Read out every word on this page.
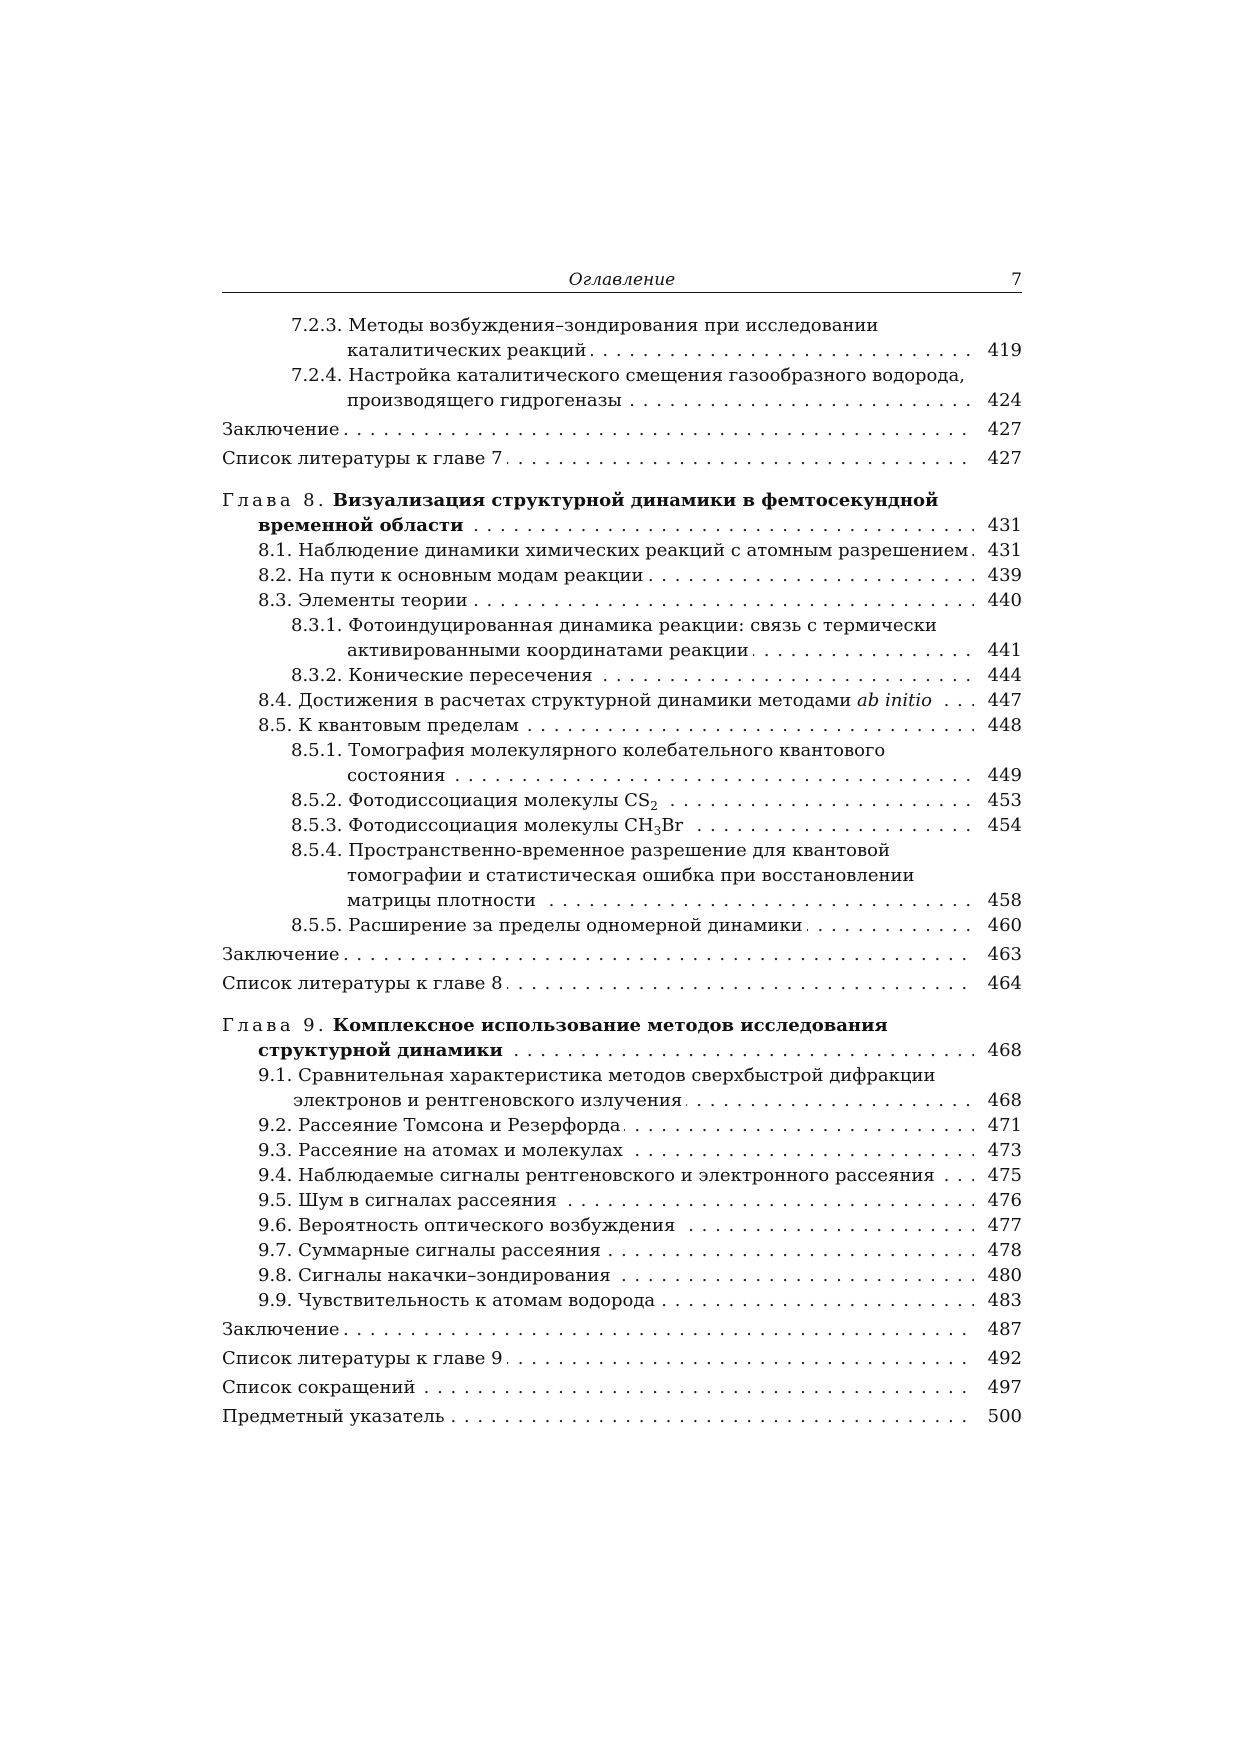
Оглавление	7
7.2.3. Методы возбуждения–зондирования при исследовании каталитических реакций . . .	419
7.2.4. Настройка каталитического смещения газообразного водорода, производящего гидрогеназы . . .	424
Заключение . . .	427
Список литературы к главе 7 . . .	427
Глава 8. Визуализация структурной динамики в фемтосекундной временной области . . .	431
8.1. Наблюдение динамики химических реакций с атомным разрешением . . .	431
8.2. На пути к основным модам реакции . . .	439
8.3. Элементы теории . . .	440
8.3.1. Фотоиндуцированная динамика реакции: связь с термически активированными координатами реакции . . .	441
8.3.2. Конические пересечения . . .	444
8.4. Достижения в расчетах структурной динамики методами ab initio . . .	447
8.5. К квантовым пределам . . .	448
8.5.1. Томография молекулярного колебательного квантового состояния . . .	449
8.5.2. Фотодиссоциация молекулы $CS_2$ . . .	453
8.5.3. Фотодиссоциация молекулы $CH_3Br$ . . .	454
8.5.4. Пространственно-временное разрешение для квантовой томографии и статистическая ошибка при восстановлении матрицы плотности . . .	458
8.5.5. Расширение за пределы одномерной динамики . . .	460
Заключение . . .	463
Список литературы к главе 8 . . .	464
Глава 9. Комплексное использование методов исследования структурной динамики . . .	468
9.1. Сравнительная характеристика методов сверхбыстрой дифракции электронов и рентгеновского излучения . . .	468
9.2. Рассеяние Томсона и Резерфорда . . .	471
9.3. Рассеяние на атомах и молекулах . . .	473
9.4. Наблюдаемые сигналы рентгеновского и электронного рассеяния . . .	475
9.5. Шум в сигналах рассеяния . . .	476
9.6. Вероятность оптического возбуждения . . .	477
9.7. Суммарные сигналы рассеяния . . .	478
9.8. Сигналы накачки–зондирования . . .	480
9.9. Чувствительность к атомам водорода . . .	483
Заключение . . .	487
Список литературы к главе 9 . . .	492
Список сокращений . . .	497
Предметный указатель . . .	500
